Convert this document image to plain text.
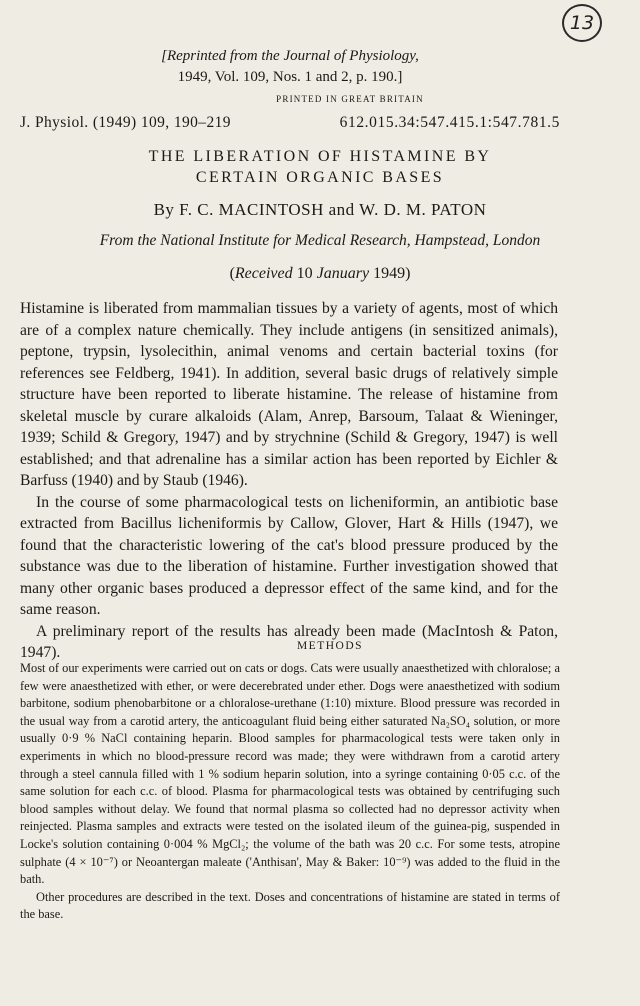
13
[Reprinted from the Journal of Physiology,
1949, Vol. 109, Nos. 1 and 2, p. 190.]
PRINTED IN GREAT BRITAIN
J. Physiol. (1949) 109, 190–219	612.015.34:547.415.1:547.781.5
THE LIBERATION OF HISTAMINE BY
CERTAIN ORGANIC BASES
By F. C. MACINTOSH and W. D. M. PATON
From the National Institute for Medical Research, Hampstead, London
(Received 10 January 1949)

Histamine is liberated from mammalian tissues by a variety of agents, most of which are of a complex nature chemically. They include antigens (in sensitized animals), peptone, trypsin, lysolecithin, animal venoms and certain bacterial toxins (for references see Feldberg, 1941). In addition, several basic drugs of relatively simple structure have been reported to liberate histamine. The release of histamine from skeletal muscle by curare alkaloids (Alam, Anrep, Barsoum, Talaat & Wieninger, 1939; Schild & Gregory, 1947) and by strychnine (Schild & Gregory, 1947) is well established; and that adrenaline has a similar action has been reported by Eichler & Barfuss (1940) and by Staub (1946).

In the course of some pharmacological tests on licheniformin, an antibiotic base extracted from Bacillus licheniformis by Callow, Glover, Hart & Hills (1947), we found that the characteristic lowering of the cat's blood pressure produced by the substance was due to the liberation of histamine. Further investigation showed that many other organic bases produced a depressor effect of the same kind, and for the same reason.

A preliminary report of the results has already been made (MacIntosh & Paton, 1947).	METHODS

Most of our experiments were carried out on cats or dogs. Cats were usually anaesthetized with chloralose; a few were anaesthetized with ether, or were decerebrated under ether. Dogs were anaesthetized with sodium barbitone, sodium phenobarbitone or a chloralose-urethane (1:10) mixture. Blood pressure was recorded in the usual way from a carotid artery, the anticoagulant fluid being either saturated Na₂SO₄ solution, or more usually 0·9 % NaCl containing heparin. Blood samples for pharmacological tests were taken only in experiments in which no blood-pressure record was made; they were withdrawn from a carotid artery through a steel cannula filled with 1 % sodium heparin solution, into a syringe containing 0·05 c.c. of the same solution for each c.c. of blood. Plasma for pharmacological tests was obtained by centrifuging such blood samples without delay. We found that normal plasma so collected had no depressor activity when reinjected. Plasma samples and extracts were tested on the isolated ileum of the guinea-pig, suspended in Locke's solution containing 0·004 % MgCl₂; the volume of the bath was 20 c.c. For some tests, atropine sulphate (4 × 10⁻⁷) or Neoantergan maleate ('Anthisan', May & Baker: 10⁻⁹) was added to the fluid in the bath.

Other procedures are described in the text. Doses and concentrations of histamine are stated in terms of the base.
